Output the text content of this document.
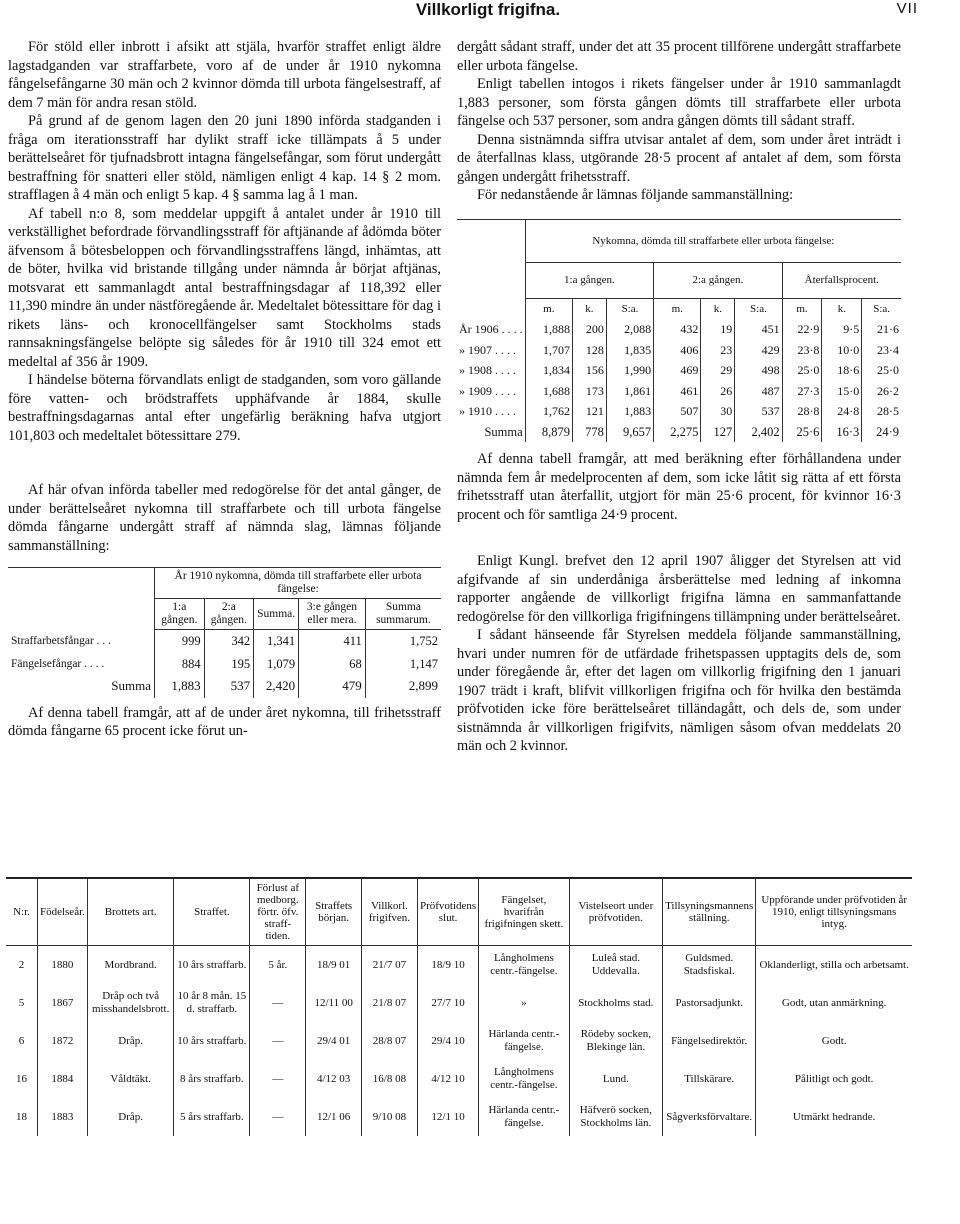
Villkorligt frigifna.	VII

För stöld eller inbrott i afsikt att stjäla, hvarför straffet enligt äldre lagstadganden var straffarbete, voro af de under år 1910 nykomna fångelsefångarne 30 män och 2 kvinnor dömda till urbota fängelsestraff, af dem 7 män för andra resan stöld.

På grund af de genom lagen den 20 juni 1890 införda stadganden i fråga om iterationsstraff har dylikt straff icke tillämpats å 5 under berättelseåret för tjufnadsbrott intagna fängelsefångar, som förut undergått bestraffning för snatteri eller stöld, nämligen enligt 4 kap. 14 § 2 mom. strafflagen å 4 män och enligt 5 kap. 4 § samma lag å 1 man.

Af tabell n:o 8, som meddelar uppgift å antalet under år 1910 till verkställighet befordrade förvandlingsstraff för aftjänande af ådömda böter äfvensom å bötesbeloppen och förvandlingsstraffens längd, inhämtas, att de böter, hvilka vid bristande tillgång under nämnda år börjat aftjänas, motsvarat ett sammanlagdt antal bestraffningsdagar af 118,392 eller 11,390 mindre än under nästföregående år. Medeltalet bötessittare för dag i rikets läns- och kronocellfängelser samt Stockholms stads rannsakningsfängelse belöpte sig således för år 1910 till 324 emot ett medeltal af 356 år 1909.

I händelse böterna förvandlats enligt de stadganden, som voro gällande före vatten- och brödstraffets upphäfvande år 1884, skulle bestraffningsdagarnas antal efter ungefärlig beräkning hafva utgjort 101,803 och medeltalet bötessittare 279.

Af här ofvan införda tabeller med redogörelse för det antal gånger, de under berättelseåret nykomna till straffarbete och till urbota fängelse dömda fångarne undergått straff af nämnda slag, lämnas följande sammanställning:

	År 1910 nykomna, dömda till straffarbete eller urbota fängelse:				
	1:a gången.	2:a gången.	Summa.	3:e gången eller mera.	Summa summarum.
Straffarbetsfångar . . .	999	342	1,341	411	1,752
Fängelsefångar . . . .	884	195	1,079	68	1,147
Summa	1,883	537	2,420	479	2,899

Af denna tabell framgår, att af de under året nykomna, till frihetsstraff dömda fångarne 65 procent icke förut un-

dergått sådant straff, under det att 35 procent tillförene undergått straffarbete eller urbota fängelse.

Enligt tabellen intogos i rikets fängelser under år 1910 sammanlagdt 1,883 personer, som första gången dömts till straffarbete eller urbota fängelse och 537 personer, som andra gången dömts till sådant straff.

Denna sistnämnda siffra utvisar antalet af dem, som under året inträdt i de återfallnas klass, utgörande 28·5 procent af antalet af dem, som första gången undergått frihetsstraff.

För nedanstående år lämnas följande sammanställning:

	Nykomna, dömda till straffarbete eller urbota fängelse:								
	1:a gången.			2:a gången.			Återfallsprocent.		
	m.	k.	S:a.	m.	k.	S:a.	m.	k.	S:a.
År 1906 . . . .	1,888	200	2,088	432	19	451	22·9	9·5	21·6
» 1907 . . . .	1,707	128	1,835	406	23	429	23·8	10·0	23·4
» 1908 . . . .	1,834	156	1,990	469	29	498	25·0	18·6	25·0
» 1909 . . . .	1,688	173	1,861	461	26	487	27·3	15·0	26·2
» 1910 . . . .	1,762	121	1,883	507	30	537	28·8	24·8	28·5
Summa	8,879	778	9,657	2,275	127	2,402	25·6	16·3	24·9

Af denna tabell framgår, att med beräkning efter förhållandena under nämnda fem år medelprocenten af dem, som icke låtit sig rätta af ett första frihetsstraff utan återfallit, utgjort för män 25·6 procent, för kvinnor 16·3 procent och för samtliga 24·9 procent.

Enligt Kungl. brefvet den 12 april 1907 åligger det Styrelsen att vid afgifvande af sin underdåniga årsberättelse med ledning af inkomna rapporter angående de villkorligt frigifna lämna en sammanfattande redogörelse för den villkorliga frigifningens tillämpning under berättelseåret.

I sådant hänseende får Styrelsen meddela följande sammanställning, hvari under numren för de utfärdade frihetspassen upptagits dels de, som under föregående år, efter det lagen om villkorlig frigifning den 1 januari 1907 trädt i kraft, blifvit villkorligen frigifna och för hvilka den bestämda pröfvotiden icke före berättelseåret tilländagått, och dels de, som under sistnämnda år villkorligen frigifvits, nämligen såsom ofvan meddelats 20 män och 2 kvinnor.

N:r.	Födelseår.	Brottets art.	Straffet.	Förlust af medborg. förtr. öfv. straff-tiden.	Straffets början.	Villkorl. frigifven.	Pröfvotidens slut.	Fängelset, hvarifrån frigifningen skett.	Vistelseort under pröfvotiden.	Tillsyningsmannens ställning.	Uppförande under pröfvotiden år 1910, enligt tillsyningsmans intyg.
2	1880	Mordbrand.	10 års straffarb.	5 år.	18/9 01	21/7 07	18/9 10	Långholmens centr.-fängelse.	Luleå stad. Uddevalla.	Guldsmed. Stadsfiskal.	Oklanderligt, stilla och arbetsamt.
5	1867	Dråp och två misshandelsbrott.	10 år 8 mån. 15 d. straffarb.	—	12/11 00	21/8 07	27/7 10	»	Stockholms stad.	Pastorsadjunkt.	Godt, utan anmärkning.
6	1872	Dråp.	10 års straffarb.	—	29/4 01	28/8 07	29/4 10	Härlanda centr.-fängelse.	Rödeby socken, Blekinge län.	Fängelsedirektör.	Godt.
16	1884	Våldtäkt.	8 års straffarb.	—	4/12 03	16/8 08	4/12 10	Långholmens centr.-fängelse.	Lund.	Tillskärare.	Pålitligt och godt.
18	1883	Dråp.	5 års straffarb.	—	12/1 06	9/10 08	12/1 10	Härlanda centr.-fängelse.	Häfverö socken, Stockholms län.	Sågverksförvaltare.	Utmärkt hedrande.
